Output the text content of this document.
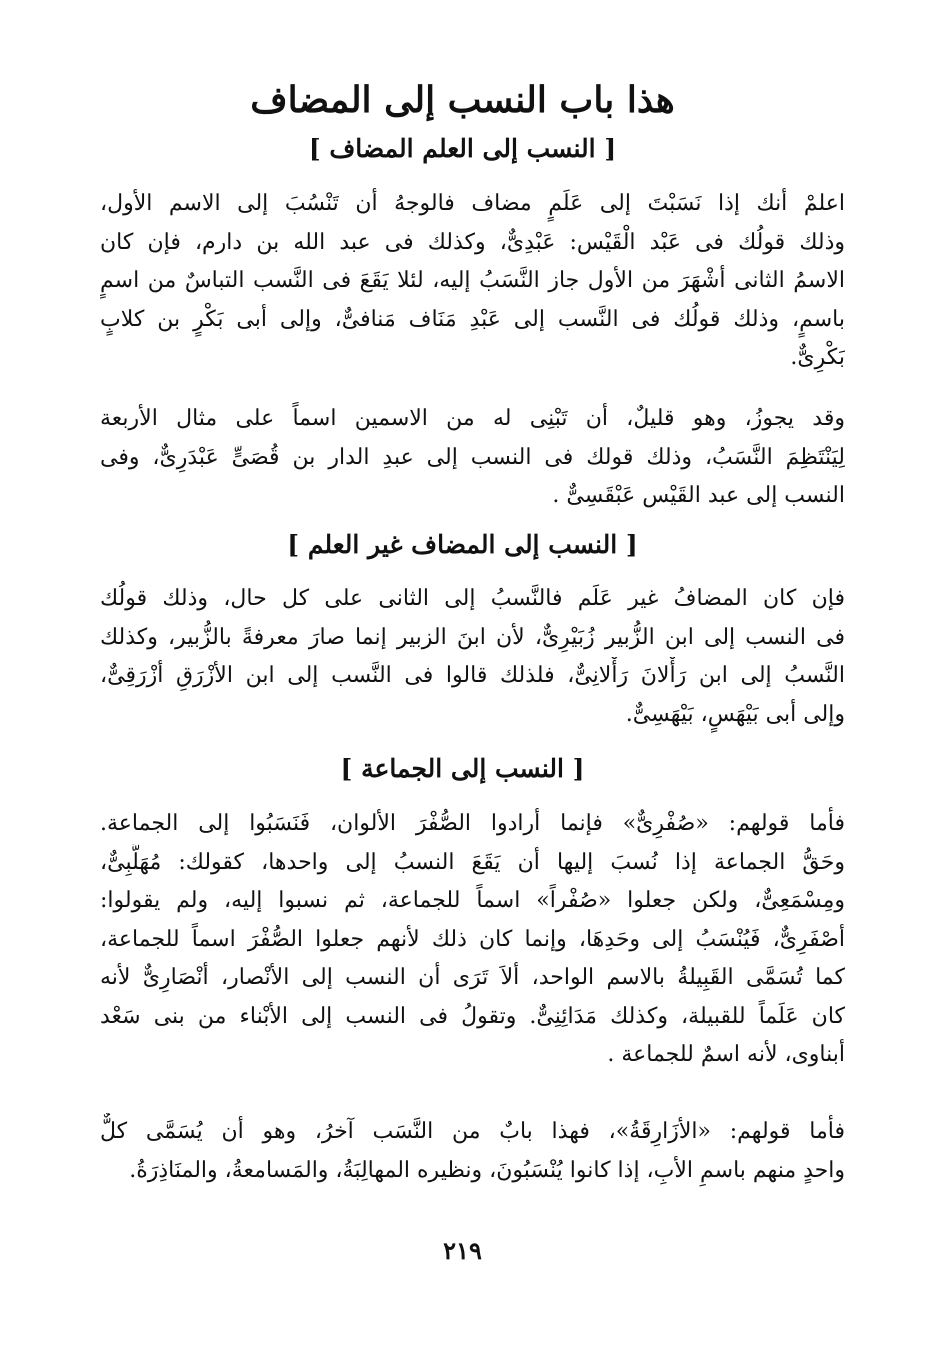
هذا باب النسب إلى المضاف
[ النسب إلى العلم المضاف ]
اعلمْ أنك إذا نَسَبْتَ إلى عَلَمٍ مضاف فالوجهُ أن تَنْسُبَ إلى الاسم الأول،
وذلك قولُك فى عَبْد الْقَيْس: عَبْدِىٌّ، وكذلك فى عبد الله بن دارم، فإن كان
الاسمُ الثانى أشْهَرَ من الأول جاز النَّسَبُ إليه، لئلا يَقَعَ فى النَّسب التباسٌ من اسمٍ
باسمٍ، وذلك قولُك فى النَّسب إلى عَبْدِ مَنَاف مَنافىٌّ، وإلى أبى بَكْرٍ بن كلابٍ
بَكْرِىٌّ.
وقد يجوزُ، وهو قليلٌ، أن تَبْنِى له من الاسمين اسماً على مثال الأربعة
لِيَنْتَظِمَ النَّسَبُ، وذلك قولك فى النسب إلى عبدِ الدار بن قُصَىٍّ عَبْدَرِىٌّ، وفى
النسب إلى عبد القَيْس عَبْقَسِىٌّ .
[ النسب إلى المضاف غير العلم ]
فإن كان المضافُ غير عَلَم فالنَّسبُ إلى الثانى على كل حال، وذلك قولُك
فى النسب إلى ابن الزُّبير زُبَيْرِىٌّ، لأن ابنَ الزبير إنما صارَ معرفةً بالزُّبير، وكذلك
النَّسبُ إلى ابن رَأْلانَ رَأْلانِىٌّ، فلذلك قالوا فى النَّسب إلى ابن الأزْرَقِ أزْرَقِىٌّ،
وإلى أبى بَيْهَسٍ، بَيْهَسِىٌّ.
[ النسب إلى الجماعة ]
فأما قولهم: «صُفْرِىٌّ» فإنما أرادوا الصُّفْرَ الألوان، فَنَسَبُوا إلى الجماعة.
وحَقُّ الجماعة إذا نُسبَ إليها أن يَقَعَ النسبُ إلى واحدها، كقولك: مُهَلَّبِىٌّ،
ومِسْمَعِىٌّ، ولكن جعلوا «صُفْراً» اسماً للجماعة، ثم نسبوا إليه، ولم يقولوا:
أصْفَرِىٌّ، فَيُنْسَبُ إلى وحَدِهَا، وإنما كان ذلك لأنهم جعلوا الصُّفْرَ اسماً للجماعة،
كما تُسَمَّى القَبِيلةُ بالاسم الواحد، ألاَ تَرَى أن النسب إلى الأنْصار، أنْصَارِىٌّ لأنه
كان عَلَماً للقبيلة، وكذلك مَدَائِنِىٌّ. وتقولُ فى النسب إلى الأبْناء من بنى سَعْد
أبناوى، لأنه اسمٌ للجماعة .
فأما قولهم: «الأزَارِقَةُ»، فهذا بابٌ من النَّسَب آخرُ، وهو أن يُسَمَّى كلٌّ
واحدٍ منهم باسمِ الأبِ، إذا كانوا يُنْسَبُونَ، ونظيره المهالِبَةُ، والمَسامعةُ، والمنَاذِرَةُ.
٢١٩
